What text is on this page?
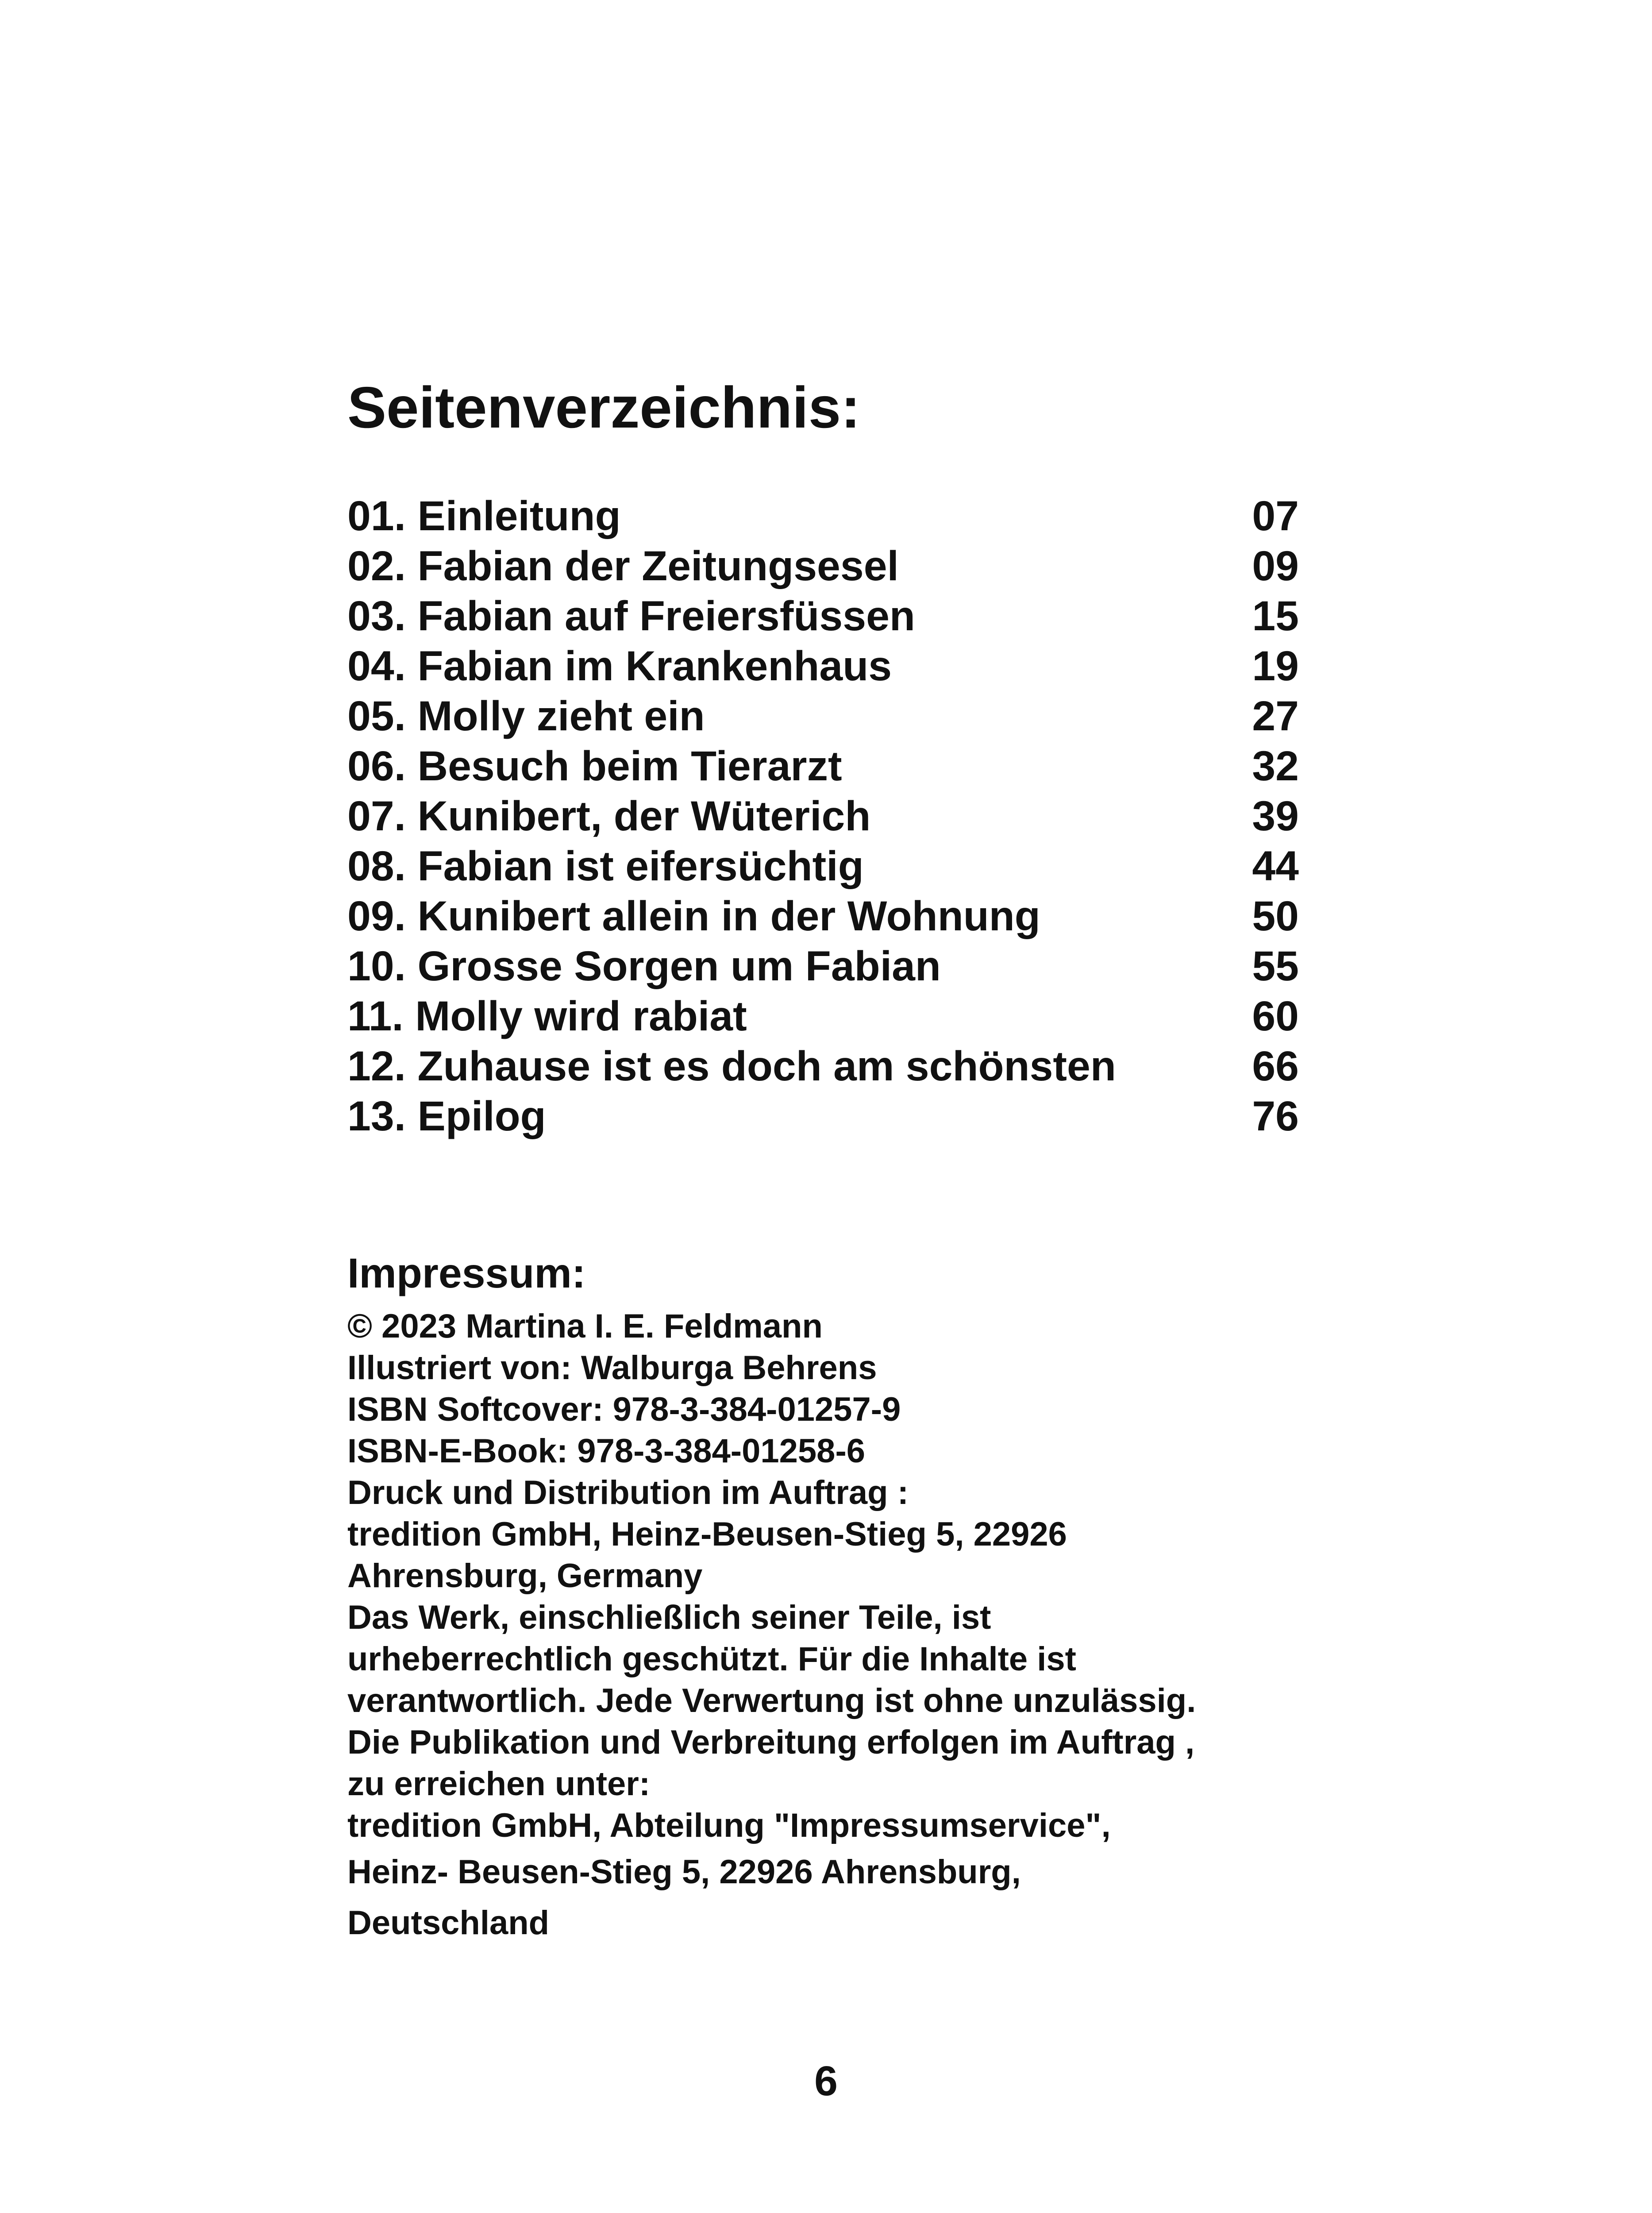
Seitenverzeichnis:
01. Einleitung	07
02. Fabian der Zeitungsesel	09
03. Fabian auf Freiersfüssen	15
04. Fabian im Krankenhaus	19
05. Molly zieht ein	27
06. Besuch beim Tierarzt	32
07. Kunibert, der Wüterich	39
08. Fabian ist eifersüchtig	44
09. Kunibert allein in der Wohnung	50
10. Grosse Sorgen um Fabian	55
11. Molly wird rabiat	60
12. Zuhause ist es doch am schönsten	66
13. Epilog	76
Impressum:
© 2023 Martina I. E. Feldmann
Illustriert von: Walburga Behrens
ISBN Softcover: 978-3-384-01257-9
ISBN-E-Book: 978-3-384-01258-6
Druck und Distribution im Auftrag :
tredition GmbH, Heinz-Beusen-Stieg 5, 22926
Ahrensburg, Germany
Das Werk, einschließlich seiner Teile, ist
urheberrechtlich geschützt. Für die Inhalte ist
verantwortlich. Jede Verwertung ist ohne unzulässig.
Die Publikation und Verbreitung erfolgen im Auftrag ,
zu erreichen unter:
tredition GmbH, Abteilung "Impressumservice",
Heinz- Beusen-Stieg 5, 22926 Ahrensburg,
Deutschland
6
